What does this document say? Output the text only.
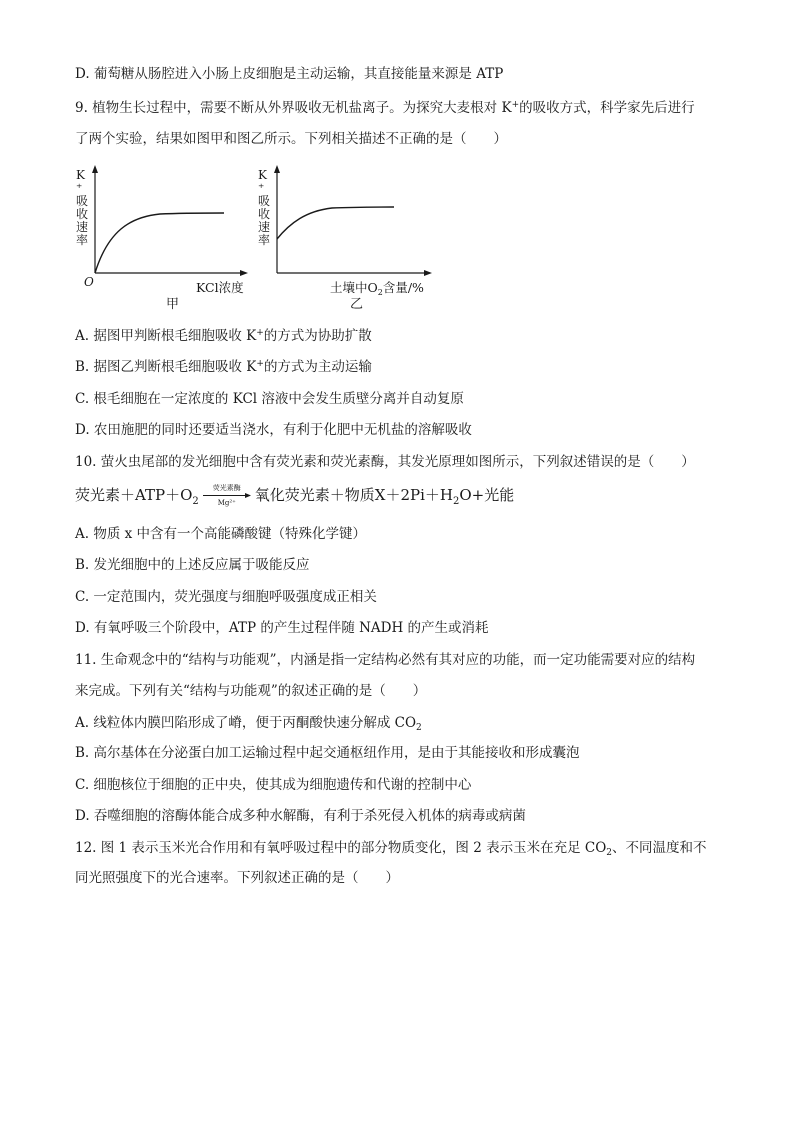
D. 葡萄糖从肠腔进入小肠上皮细胞是主动运输，其直接能量来源是 ATP
9. 植物生长过程中，需要不断从外界吸收无机盐离子。为探究大麦根对 K+的吸收方式，科学家先后进行
了两个实验，结果如图甲和图乙所示。下列相关描述不正确的是（　　）
K ⁺吸收速率
O	KCl浓度
甲
K ⁺吸收速率
土壤中$O_2$含量/%
乙
A. 据图甲判断根毛细胞吸收 K+的方式为协助扩散
B. 据图乙判断根毛细胞吸收 K+的方式为主动运输
C. 根毛细胞在一定浓度的 KCl 溶液中会发生质壁分离并自动复原
D. 农田施肥的同时还要适当浇水，有利于化肥中无机盐的溶解吸收
10. 萤火虫尾部的发光细胞中含有荧光素和荧光素酶，其发光原理如图所示，下列叙述错误的是（　　）
荧光素$+ATP+O_2$
荧光素酶
Mg²⁺ 氧化荧光素＋物质$X+2Pi+H_2O+$光能
A. 物质 x 中含有一个高能磷酸键（特殊化学键）
B. 发光细胞中的上述反应属于吸能反应
C. 一定范围内，荧光强度与细胞呼吸强度成正相关
D. 有氧呼吸三个阶段中，ATP 的产生过程伴随 NADH 的产生或消耗
11. 生命观念中的“结构与功能观”，内涵是指一定结构必然有其对应的功能，而一定功能需要对应的结构
来完成。下列有关“结构与功能观”的叙述正确的是（　　）
A. 线粒体内膜凹陷形成了嵴，便于丙酮酸快速分解成 $CO_2$
B. 高尔基体在分泌蛋白加工运输过程中起交通枢纽作用，是由于其能接收和形成囊泡
C. 细胞核位于细胞的正中央，使其成为细胞遗传和代谢的控制中心
D. 吞噬细胞的溶酶体能合成多种水解酶，有利于杀死侵入机体的病毒或病菌
12. 图 1 表示玉米光合作用和有氧呼吸过程中的部分物质变化，图 2 表示玉米在充足 $CO_2$、不同温度和不
同光照强度下的光合速率。下列叙述正确的是（　　）
